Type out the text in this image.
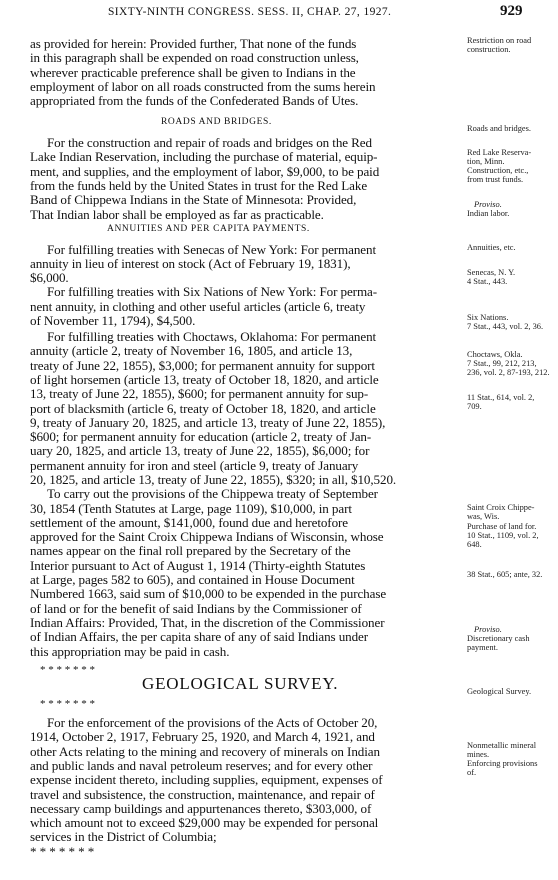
SIXTY-NINTH CONGRESS. SESS. II, CHAP. 27, 1927.	929
as provided for herein: Provided further, That none of the funds
in this paragraph shall be expended on road construction unless,
wherever practicable preference shall be given to Indians in the
employment of labor on all roads constructed from the sums herein
appropriated from the funds of the Confederated Bands of Utes.
ROADS AND BRIDGES.
For the construction and repair of roads and bridges on the Red
Lake Indian Reservation, including the purchase of material, equip-
ment, and supplies, and the employment of labor, $9,000, to be paid
from the funds held by the United States in trust for the Red Lake
Band of Chippewa Indians in the State of Minnesota: Provided,
That Indian labor shall be employed as far as practicable.
ANNUITIES AND PER CAPITA PAYMENTS.
For fulfilling treaties with Senecas of New York: For permanent
annuity in lieu of interest on stock (Act of February 19, 1831),
$6,000.
For fulfilling treaties with Six Nations of New York: For perma-
nent annuity, in clothing and other useful articles (article 6, treaty
of November 11, 1794), $4,500.
For fulfilling treaties with Choctaws, Oklahoma: For permanent
annuity (article 2, treaty of November 16, 1805, and article 13,
treaty of June 22, 1855), $3,000; for permanent annuity for support
of light horsemen (article 13, treaty of October 18, 1820, and article
13, treaty of June 22, 1855), $600; for permanent annuity for sup-
port of blacksmith (article 6, treaty of October 18, 1820, and article
9, treaty of January 20, 1825, and article 13, treaty of June 22, 1855),
$600; for permanent annuity for education (article 2, treaty of Jan-
uary 20, 1825, and article 13, treaty of June 22, 1855), $6,000; for
permanent annuity for iron and steel (article 9, treaty of January
20, 1825, and article 13, treaty of June 22, 1855), $320; in all, $10,520.
To carry out the provisions of the Chippewa treaty of September
30, 1854 (Tenth Statutes at Large, page 1109), $10,000, in part
settlement of the amount, $141,000, found due and heretofore
approved for the Saint Croix Chippewa Indians of Wisconsin, whose
names appear on the final roll prepared by the Secretary of the
Interior pursuant to Act of August 1, 1914 (Thirty-eighth Statutes
at Large, pages 582 to 605), and contained in House Document
Numbered 1663, said sum of $10,000 to be expended in the purchase
of land or for the benefit of said Indians by the Commissioner of
Indian Affairs: Provided, That, in the discretion of the Commissioner
of Indian Affairs, the per capita share of any of said Indians under
this appropriation may be paid in cash.
* * * * * * *
GEOLOGICAL SURVEY.
* * * * * * *
For the enforcement of the provisions of the Acts of October 20,
1914, October 2, 1917, February 25, 1920, and March 4, 1921, and
other Acts relating to the mining and recovery of minerals on Indian
and public lands and naval petroleum reserves; and for every other
expense incident thereto, including supplies, equipment, expenses of
travel and subsistence, the construction, maintenance, and repair of
necessary camp buildings and appurtenances thereto, $303,000, of
which amount not to exceed $29,000 may be expended for personal
services in the District of Columbia;
* * * * * * *
Restriction on road
construction.
Roads and bridges.
Red Lake Reserva-
tion, Minn.
Construction, etc.,
from trust funds.
Proviso.
Indian labor.
Annuities, etc.
Senecas, N. Y.
4 Stat., 443.
Six Nations.
7 Stat., 443, vol. 2, 36.
Choctaws, Okla.
7 Stat., 99, 212, 213,
236, vol. 2, 87-193, 212.
11 Stat., 614, vol. 2,
709.
Saint Croix Chippe-
was, Wis.
Purchase of land for.
10 Stat., 1109, vol. 2,
648.
38 Stat., 605; ante, 32.
Proviso.
Discretionary cash
payment.
Geological Survey.
Nonmetallic mineral
mines.
Enforcing provisions
of.
